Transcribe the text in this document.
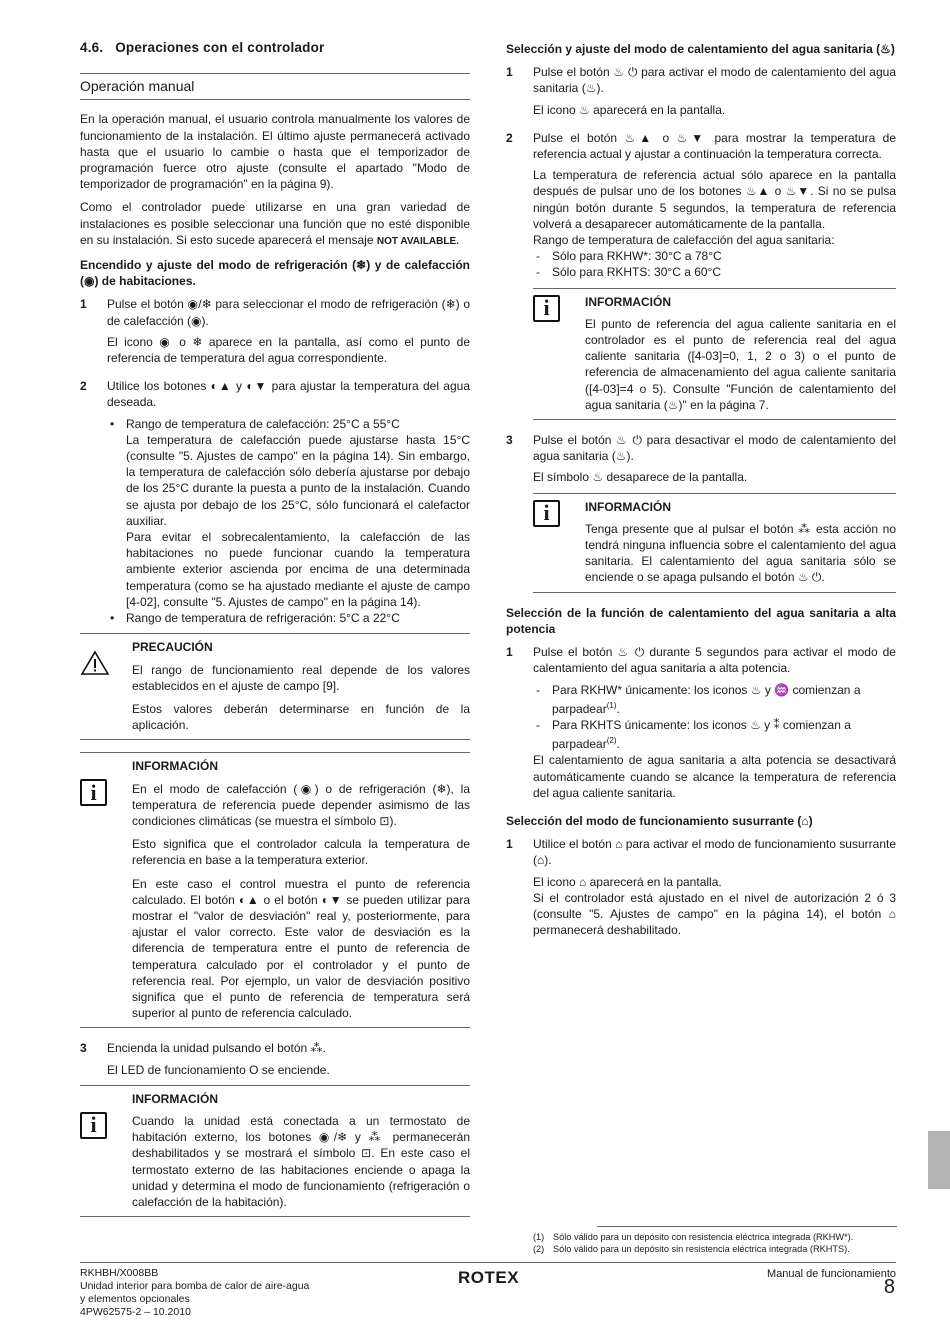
4.6. Operaciones con el controlador
Operación manual

En la operación manual, el usuario controla manualmente los valores de funcionamiento de la instalación. El último ajuste permanecerá activado hasta que el usuario lo cambie o hasta que el temporizador de programación fuerce otro ajuste (consulte el apartado "Modo de temporizador de programación" en la página 9).

Como el controlador puede utilizarse en una gran variedad de instalaciones es posible seleccionar una función que no esté disponible en su instalación. Si esto sucede aparecerá el mensaje NOT AVAILABLE.

Encendido y ajuste del modo de refrigeración (❄) y de calefacción (◉) de habitaciones.
1	Pulse el botón ◉/❄ para seleccionar el modo de refrigeración (❄) o de calefacción (◉).

El icono ◉ o ❄ aparece en la pantalla, así como el punto de referencia de temperatura del agua correspondiente.

2	Utilice los botones ◐▲ y ◐▼ para ajustar la temperatura del agua deseada.

• Rango de temperatura de calefacción: 25°C a 55°C
La temperatura de calefacción puede ajustarse hasta 15°C (consulte "5. Ajustes de campo" en la página 14). Sin embargo, la temperatura de calefacción sólo debería ajustarse por debajo de los 25°C durante la puesta a punto de la instalación. Cuando se ajusta por debajo de los 25°C, sólo funcionará el calefactor auxiliar.
Para evitar el sobrecalentamiento, la calefacción de las habitaciones no puede funcionar cuando la temperatura ambiente exterior ascienda por encima de una determinada temperatura (como se ha ajustado mediante el ajuste de campo [4-02], consulte "5. Ajustes de campo" en la página 14).
• Rango de temperatura de refrigeración: 5°C a 22°C
PRECAUCIÓN

El rango de funcionamiento real depende de los valores establecidos en el ajuste de campo [9].

Estos valores deberán determinarse en función de la aplicación.

i
INFORMACIÓN

En el modo de calefacción (◉) o de refrigeración (❄), la temperatura de referencia puede depender asimismo de las condiciones climáticas (se muestra el símbolo ⊡).

Esto significa que el controlador calcula la temperatura de referencia en base a la temperatura exterior.

En este caso el control muestra el punto de referencia calculado. El botón ◐▲ o el botón ◐▼ se pueden utilizar para mostrar el "valor de desviación" real y, posteriormente, para ajustar el valor correcto. Este valor de desviación es la diferencia de temperatura entre el punto de referencia de temperatura calculado por el controlador y el punto de referencia real. Por ejemplo, un valor de desviación positivo significa que el punto de referencia de temperatura será superior al punto de referencia calculado.

3	Encienda la unidad pulsando el botón ⁂.

El LED de funcionamiento O se enciende.

i
INFORMACIÓN

Cuando la unidad está conectada a un termostato de habitación externo, los botones ◉/❄ y ⁂ permanecerán deshabilitados y se mostrará el símbolo ⊡. En este caso el termostato externo de las habitaciones enciende o apaga la unidad y determina el modo de funcionamiento (refrigeración o calefacción de la habitación).

Selección y ajuste del modo de calentamiento del agua sanitaria (♨)
1	Pulse el botón ♨ ⏻ para activar el modo de calentamiento del agua sanitaria (♨).

El icono ♨ aparecerá en la pantalla.

2	Pulse el botón ♨▲ o ♨▼ para mostrar la temperatura de referencia actual y ajustar a continuación la temperatura correcta.

La temperatura de referencia actual sólo aparece en la pantalla después de pulsar uno de los botones ♨▲ o ♨▼. Si no se pulsa ningún botón durante 5 segundos, la temperatura de referencia volverá a desaparecer automáticamente de la pantalla.
Rango de temperatura de calefacción del agua sanitaria:
-	Sólo para RKHW*: 30°C a 78°C
-	Sólo para RKHTS: 30°C a 60°C
i	INFORMACIÓN

El punto de referencia del agua caliente sanitaria en el controlador es el punto de referencia real del agua caliente sanitaria ([4-03]=0, 1, 2 o 3) o el punto de referencia de almacenamiento del agua caliente sanitaria ([4-03]=4 o 5). Consulte "Función de calentamiento del agua sanitaria (♨)" en la página 7.

3	Pulse el botón ♨ ⏻ para desactivar el modo de calentamiento del agua sanitaria (♨).

El símbolo ♨ desaparece de la pantalla.

i	INFORMACIÓN

Tenga presente que al pulsar el botón ⁂ esta acción no tendrá ninguna influencia sobre el calentamiento del agua sanitaria. El calentamiento del agua sanitaria sólo se enciende o se apaga pulsando el botón ♨ ⏻.

Selección de la función de calentamiento del agua sanitaria a alta potencia
1	Pulse el botón ♨ ⏻ durante 5 segundos para activar el modo de calentamiento del agua sanitaria a alta potencia.

-	Para RKHW* únicamente: los iconos ♨ y ♒ comienzan a parpadear$^{(1)}$.
-	Para RKHTS únicamente: los iconos ♨ y ⁑ comienzan a parpadear$^{(2)}$.

El calentamiento de agua sanitaria a alta potencia se desactivará automáticamente cuando se alcance la temperatura de referencia del agua caliente sanitaria.

Selección del modo de funcionamiento susurrante (⌂)
1	Utilice el botón ⌂ para activar el modo de funcionamiento susurrante (⌂).

El icono ⌂ aparecerá en la pantalla.
Si el controlador está ajustado en el nivel de autorización 2 ó 3 (consulte "5. Ajustes de campo" en la página 14), el botón ⌂ permanecerá deshabilitado.
(1) Sólo válido para un depósito con resistencia eléctrica integrada (RKHW*).
(2) Sólo válido para un depósito sin resistencia eléctrica integrada (RKHTS).
RKHBH/X008BB
Unidad interior para bomba de calor de aire-agua
y elementos opcionales
4PW62575-2 – 10.2010
ROTEX	Manual de funcionamiento
8
